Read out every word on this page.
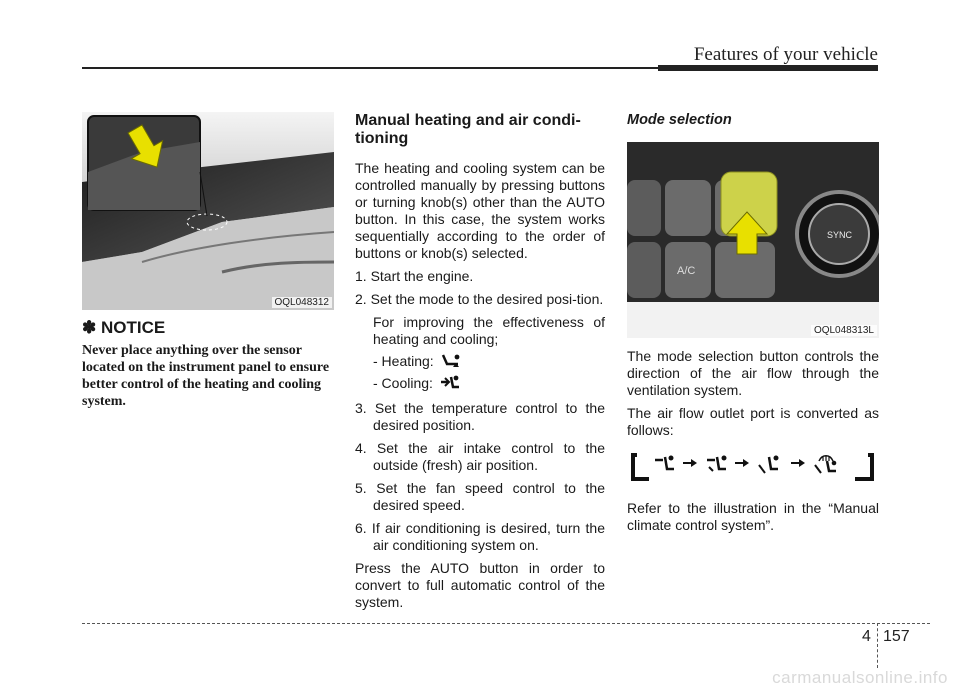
Features of your vehicle
OQL048312
✽ NOTICE
Never place anything over the sensor located on the instrument panel to ensure better control of the heating and cooling system.
Manual heating and air condi-tioning

The heating and cooling system can be controlled manually by pressing buttons or turning knob(s) other than the AUTO button. In this case, the system works sequentially according to the order of buttons or knob(s) selected.

1. Start the engine.
2. Set the mode to the desired posi-tion.
For improving the effectiveness of heating and cooling;
- Heating:
- Cooling:
3. Set the temperature control to the desired position.
4. Set the air intake control to the outside (fresh) air position.
5. Set the fan speed control to the desired speed.
6. If air conditioning is desired, turn the air conditioning system on.

Press the AUTO button in order to convert to full automatic control of the system.

Mode selection
A/C
SYNC
OQL048313L

The mode selection button controls the direction of the air flow through the ventilation system.

The air flow outlet port is converted as follows:

Refer to the illustration in the “Manual climate control system”.

4 157
carmanualsonline.info
